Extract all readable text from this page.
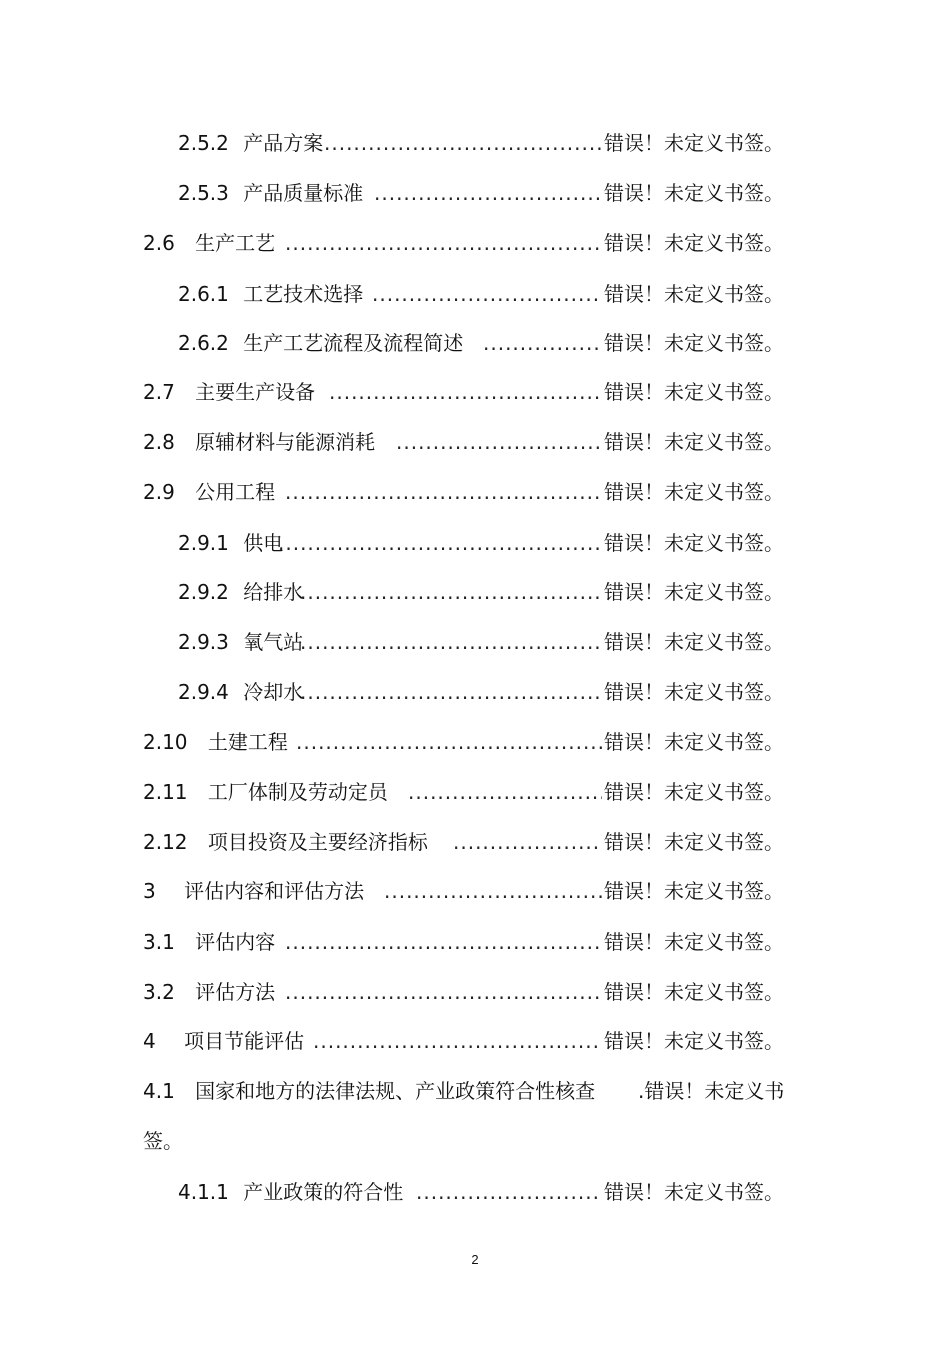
2.5.2 产品方案 .....	错误！未定义书签。
2.5.3 产品质量标准 .....	错误！未定义书签。
2.6 生产工艺 .....	错误！未定义书签。
2.6.1 工艺技术选择 .....	错误！未定义书签。
2.6.2 生产工艺流程及流程简述 .....	错误！未定义书签。
2.7 主要生产设备 .....	错误！未定义书签。
2.8 原辅材料与能源消耗 .....	错误！未定义书签。
2.9 公用工程 .....	错误！未定义书签。
2.9.1 供电 .....	错误！未定义书签。
2.9.2 给排水 .....	错误！未定义书签。
2.9.3 氧气站 .....	错误！未定义书签。
2.9.4 冷却水 .....	错误！未定义书签。
2.10 土建工程 .....	错误！未定义书签。
2.11 工厂体制及劳动定员 .....	错误！未定义书签。
2.12 项目投资及主要经济指标 .....	错误！未定义书签。
3 评估内容和评估方法 .....	错误！未定义书签。
3.1 评估内容 .....	错误！未定义书签。
3.2 评估方法 .....	错误！未定义书签。
4 项目节能评估 .....	错误！未定义书签。
4.1 国家和地方的法律法规、产业政策符合性核查 .错误！未定义书
签。
4.1.1 产业政策的符合性 .....	错误！未定义书签。
2
